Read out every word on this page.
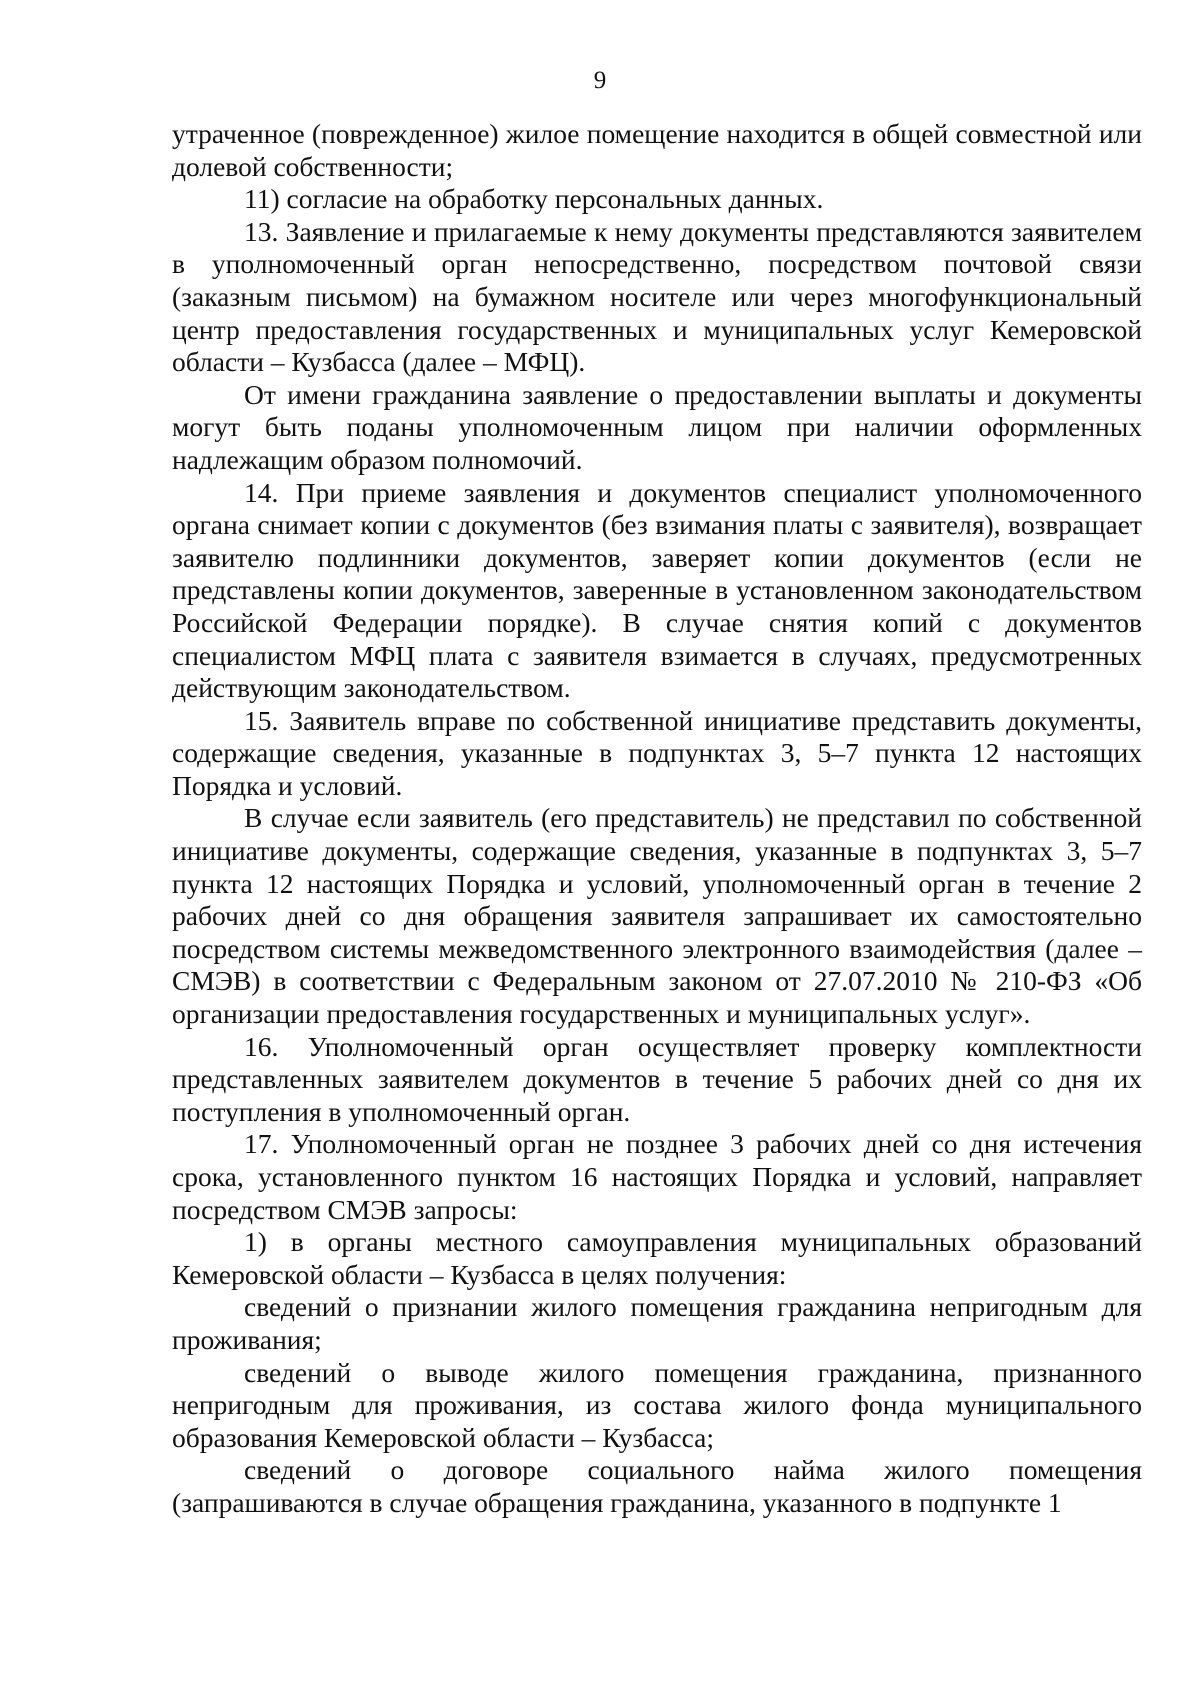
9

утраченное (поврежденное) жилое помещение находится в общей совместной или долевой собственности;

11) согласие на обработку персональных данных.

13. Заявление и прилагаемые к нему документы представляются заявителем в уполномоченный орган непосредственно, посредством почтовой связи (заказным письмом) на бумажном носителе или через многофункциональный центр предоставления государственных и муниципальных услуг Кемеровской области – Кузбасса (далее – МФЦ).

От имени гражданина заявление о предоставлении выплаты и документы могут быть поданы уполномоченным лицом при наличии оформленных надлежащим образом полномочий.

14. При приеме заявления и документов специалист уполномоченного органа снимает копии с документов (без взимания платы с заявителя), возвращает заявителю подлинники документов, заверяет копии документов (если не представлены копии документов, заверенные в установленном законодательством Российской Федерации порядке). В случае снятия копий с документов специалистом МФЦ плата с заявителя взимается в случаях, предусмотренных действующим законодательством.

15. Заявитель вправе по собственной инициативе представить документы, содержащие сведения, указанные в подпунктах 3, 5–7 пункта 12 настоящих Порядка и условий.

В случае если заявитель (его представитель) не представил по собственной инициативе документы, содержащие сведения, указанные в подпунктах 3, 5–7 пункта 12 настоящих Порядка и условий, уполномоченный орган в течение 2 рабочих дней со дня обращения заявителя запрашивает их самостоятельно посредством системы межведомственного электронного взаимодействия (далее – СМЭВ) в соответствии с Федеральным законом от 27.07.2010 № 210-ФЗ «Об организации предоставления государственных и муниципальных услуг».

16. Уполномоченный орган осуществляет проверку комплектности представленных заявителем документов в течение 5 рабочих дней со дня их поступления в уполномоченный орган.

17. Уполномоченный орган не позднее 3 рабочих дней со дня истечения срока, установленного пунктом 16 настоящих Порядка и условий, направляет посредством СМЭВ запросы:

1) в органы местного самоуправления муниципальных образований Кемеровской области – Кузбасса в целях получения:

сведений о признании жилого помещения гражданина непригодным для проживания;

сведений о выводе жилого помещения гражданина, признанного непригодным для проживания, из состава жилого фонда муниципального образования Кемеровской области – Кузбасса;

сведений о договоре социального найма жилого помещения (запрашиваются в случае обращения гражданина, указанного в подпункте 1
